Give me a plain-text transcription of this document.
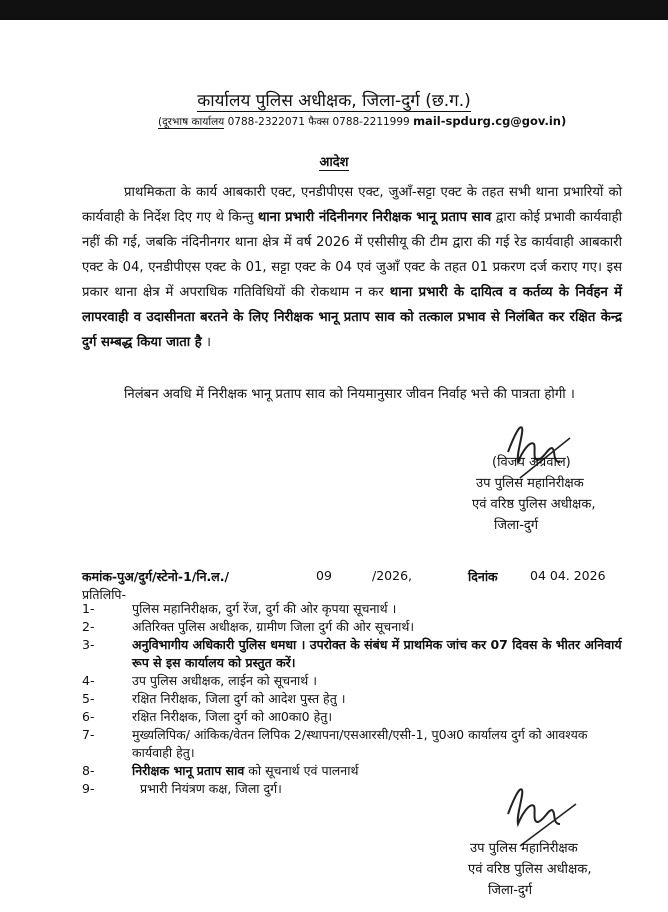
कार्यालय पुलिस अधीक्षक, जिला-दुर्ग (छ.ग.)
(दूरभाष कार्यालय 0788-2322071 फैक्स 0788-2211999 mail-spdurg.cg@gov.in)
आदेश
प्राथमिकता के कार्य आबकारी एक्ट, एनडीपीएस एक्ट, जुआँ-सट्टा एक्ट के तहत सभी थाना प्रभारियों को कार्यवाही के निर्देश दिए गए थे किन्तु थाना प्रभारी नंदिनीनगर निरीक्षक भानू प्रताप साव द्वारा कोई प्रभावी कार्यवाही नहीं की गई, जबकि नंदिनीनगर थाना क्षेत्र में वर्ष 2026 में एसीसीयू की टीम द्वारा की गई रेड कार्यवाही आबकारी एक्ट के 04, एनडीपीएस एक्ट के 01, सट्टा एक्ट के 04 एवं जुआँ एक्ट के तहत 01 प्रकरण दर्ज कराए गए। इस प्रकार थाना क्षेत्र में अपराधिक गतिविधियों की रोकथाम न कर थाना प्रभारी के दायित्व व कर्तव्य के निर्वहन में लापरवाही व उदासीनता बरतने के लिए निरीक्षक भानू प्रताप साव को तत्काल प्रभाव से निलंबित कर रक्षित केन्द्र दुर्ग सम्बद्ध किया जाता है ।
निलंबन अवधि में निरीक्षक भानू प्रताप साव को नियमानुसार जीवन निर्वाह भत्ते की पात्रता होगी ।
(विजय अग्रवाल)
उप पुलिस महानिरीक्षक
एवं वरिष्ठ पुलिस अधीक्षक,
जिला-दुर्ग
कमांक-पुअ/दुर्ग/स्टेनो-1/नि.ल./	09	/2026,	दिनांक	04 04. 2026
प्रतिलिपि-
1-	पुलिस महानिरीक्षक, दुर्ग रेंज, दुर्ग की ओर कृपया सूचनार्थ ।
2-	अतिरिक्त पुलिस अधीक्षक, ग्रामीण जिला दुर्ग की ओर सूचनार्थ।
3-	अनुविभागीय अधिकारी पुलिस धमधा । उपरोक्त के संबंध में प्राथमिक जांच कर 07 दिवस के भीतर अनिवार्य रूप से इस कार्यालय को प्रस्तुत करें।
4-	उप पुलिस अधीक्षक, लाईन को सूचनार्थ ।
5-	रक्षित निरीक्षक, जिला दुर्ग को आदेश पुस्त हेतु ।
6-	रक्षित निरीक्षक, जिला दुर्ग को आ0का0 हेतु।
7-	मुख्यलिपिक/ आंकिक/वेतन लिपिक 2/स्थापना/एसआरसी/एसी-1, पु0अ0 कार्यालय दुर्ग को आवश्यक कार्यवाही हेतु।
8-	निरीक्षक भानू प्रताप साव को सूचनार्थ एवं पालनार्थ
9-	प्रभारी नियंत्रण कक्ष, जिला दुर्ग।
उप पुलिस महानिरीक्षक
एवं वरिष्ठ पुलिस अधीक्षक,
जिला-दुर्ग
